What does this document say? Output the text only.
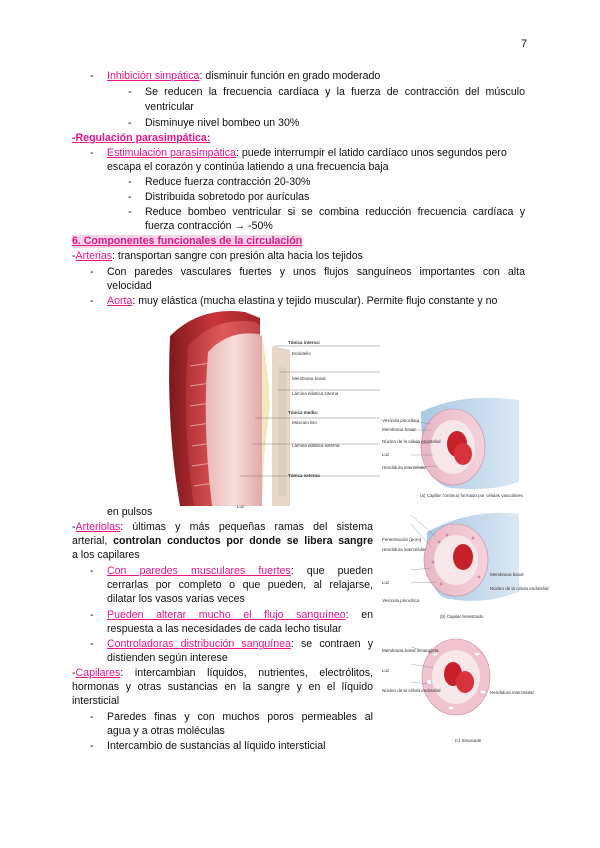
7
- Inhibición simpática: disminuir función en grado moderado
- Se reducen la frecuencia cardíaca y la fuerza de contracción del músculo
ventricular
- Disminuye nivel bombeo un 30%
-Regulación parasimpática:
- Estimulación parasimpática: puede interrumpir el latido cardíaco unos segundos pero
escapa el corazón y continúa latiendo a una frecuencia baja
- Reduce fuerza contracción 20-30%
- Distribuida sobretodo por aurículas
- Reduce bombeo ventricular si se combina reducción frecuencia cardíaca y
fuerza contracción → -50%
6. Componentes funcionales de la circulación
-Arterias: transportan sangre con presión alta hacia los tejidos
- Con paredes vasculares fuertes y unos flujos sanguíneos importantes con alta
velocidad
- Aorta: muy elástica (mucha elastina y tejido muscular). Permite flujo constante y no
Túnica interna:
Endotelio
Membrana basal
Lámina elástica interna
Túnica media:
Músculo liso
Lámina elástica externa
Túnica externa
Luz
en pulsos
-Arteriolas: últimas y más pequeñas ramas del sistema
arterial, controlan conductos por donde se libera sangre
a los capilares
- Con paredes musculares fuertes: que pueden
cerrarlas por completo o que pueden, al relajarse,
dilatar los vasos varias veces
- Pueden alterar mucho el flujo sanguíneo: en
respuesta a las necesidades de cada lecho tisular
- Controladoras distribución sanguínea: se contraen y
distienden según interese
-Capilares: intercambian líquidos, nutrientes, electrólitos,
hormonas y otras sustancias en la sangre y en el líquido
intersticial
- Paredes finas y con muchos poros permeables al
agua y a otras moléculas
- Intercambio de sustancias al líquido intersticial
Vesícula pinocítica
Membrana basal
Núcleo de la célula endotelial
Luz
Hendidura intercelular
(a) Capilar continuo formado por células vasculares
Fenestración (poro)
Hendidura intercelular
Luz
Vesícula pinocítica
Membrana basal
Núcleo de la célula endotelial
(b) Capilar fenestrado
Membrana basal incompleta
Luz
Núcleo de la célula endotelial	Hendidura intercelular
(c) Sinusoide
